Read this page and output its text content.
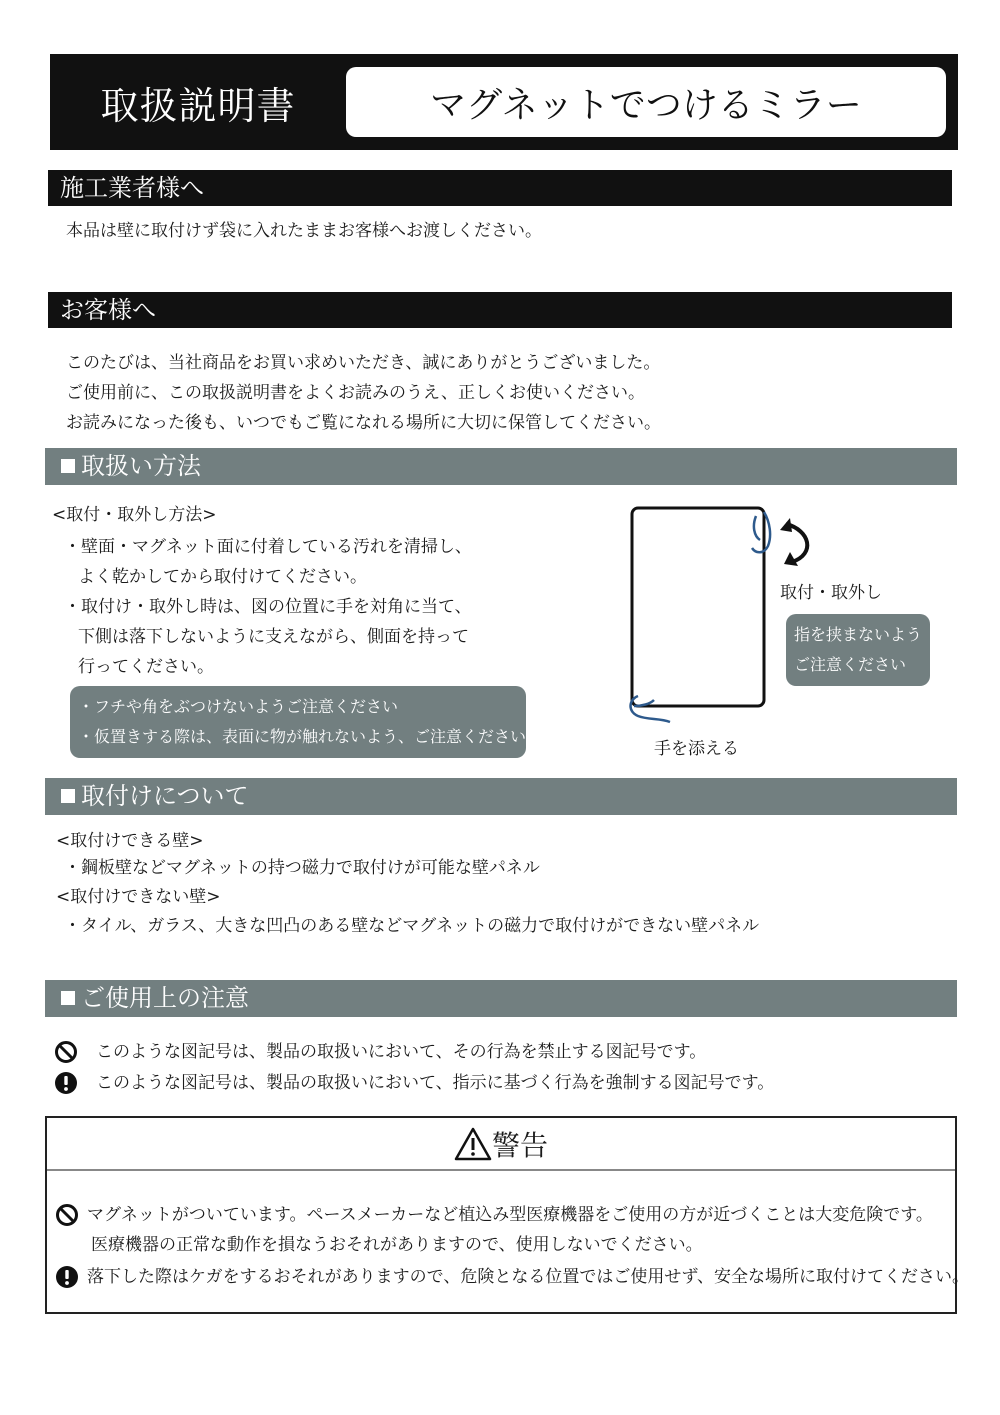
取扱説明書	マグネットでつけるミラー
施工業者様へ
本品は壁に取付けず袋に入れたままお客様へお渡しください。
お客様へ
このたびは、当社商品をお買い求めいただき、誠にありがとうございました。
ご使用前に、この取扱説明書をよくお読みのうえ、正しくお使いください。
お読みになった後も、いつでもご覧になれる場所に大切に保管してください。
取扱い方法
<取付・取外し方法>
・壁面・マグネット面に付着している汚れを清掃し、
よく乾かしてから取付けてください。
・取付け・取外し時は、図の位置に手を対角に当て、
下側は落下しないように支えながら、側面を持って
行ってください。
・フチや角をぶつけないようご注意ください
・仮置きする際は、表面に物が触れないよう、ご注意ください
取付・取外し
手を添える
指を挟まないよう
ご注意ください
取付けについて
<取付けできる壁>
・鋼板壁などマグネットの持つ磁力で取付けが可能な壁パネル
<取付けできない壁>
・タイル、ガラス、大きな凹凸のある壁などマグネットの磁力で取付けができない壁パネル
ご使用上の注意
このような図記号は、製品の取扱いにおいて、その行為を禁止する図記号です。
このような図記号は、製品の取扱いにおいて、指示に基づく行為を強制する図記号です。
警告
マグネットがついています。ペースメーカーなど植込み型医療機器をご使用の方が近づくことは大変危険です。
医療機器の正常な動作を損なうおそれがありますので、使用しないでください。
落下した際はケガをするおそれがありますので、危険となる位置ではご使用せず、安全な場所に取付けてください。
